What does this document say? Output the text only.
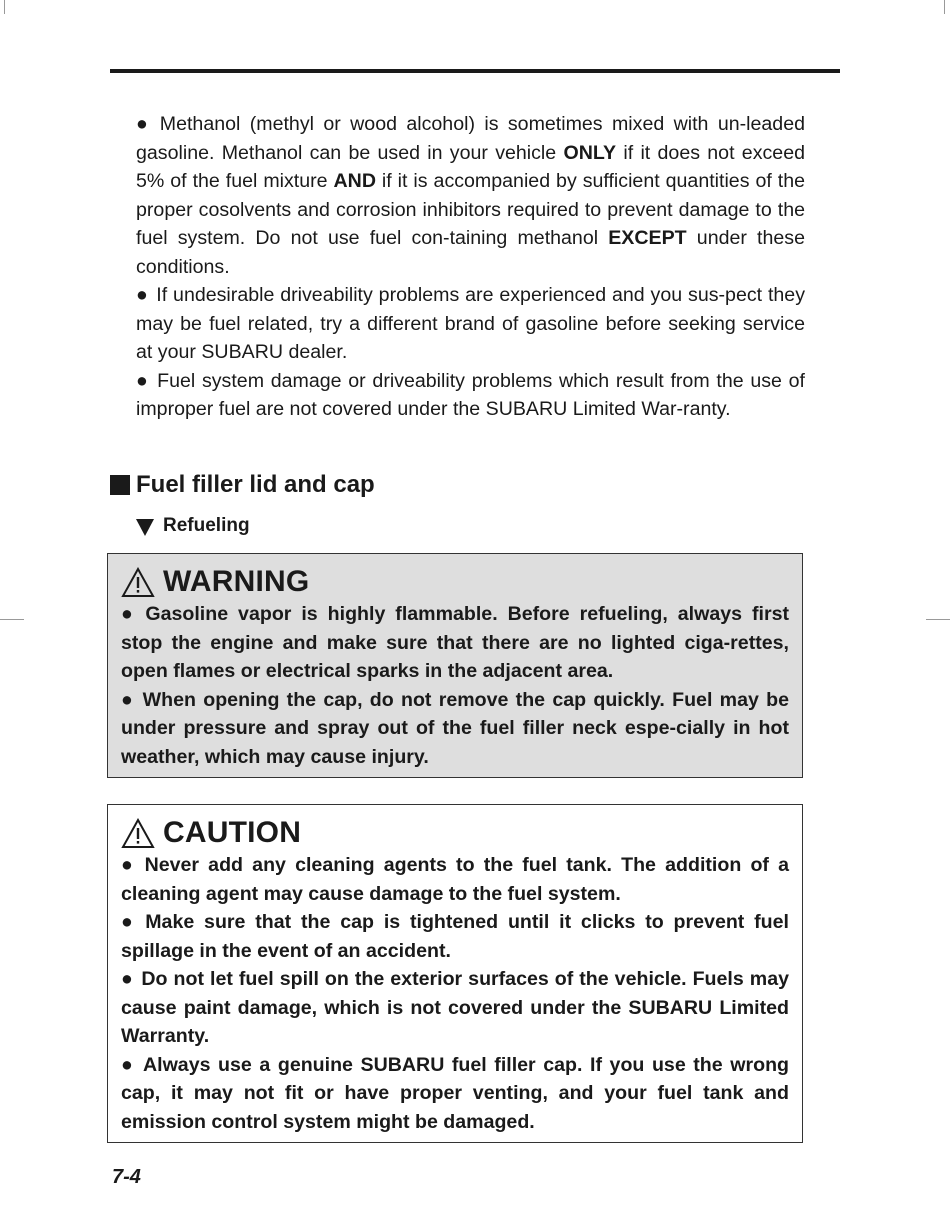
● Methanol (methyl or wood alcohol) is sometimes mixed with un-leaded gasoline. Methanol can be used in your vehicle ONLY if it does not exceed 5% of the fuel mixture AND if it is accompanied by sufficient quantities of the proper cosolvents and corrosion inhibitors required to prevent damage to the fuel system. Do not use fuel con-taining methanol EXCEPT under these conditions.

● If undesirable driveability problems are experienced and you sus-pect they may be fuel related, try a different brand of gasoline before seeking service at your SUBARU dealer.

● Fuel system damage or driveability problems which result from the use of improper fuel are not covered under the SUBARU Limited War-ranty.

Fuel filler lid and cap
Refueling
WARNING

● Gasoline vapor is highly flammable. Before refueling, always first stop the engine and make sure that there are no lighted ciga-rettes, open flames or electrical sparks in the adjacent area.

● When opening the cap, do not remove the cap quickly. Fuel may be under pressure and spray out of the fuel filler neck espe-cially in hot weather, which may cause injury.

CAUTION

● Never add any cleaning agents to the fuel tank. The addition of a cleaning agent may cause damage to the fuel system.

● Make sure that the cap is tightened until it clicks to prevent fuel spillage in the event of an accident.

● Do not let fuel spill on the exterior surfaces of the vehicle. Fuels may cause paint damage, which is not covered under the SUBARU Limited Warranty.

● Always use a genuine SUBARU fuel filler cap. If you use the wrong cap, it may not fit or have proper venting, and your fuel tank and emission control system might be damaged.

7-4
